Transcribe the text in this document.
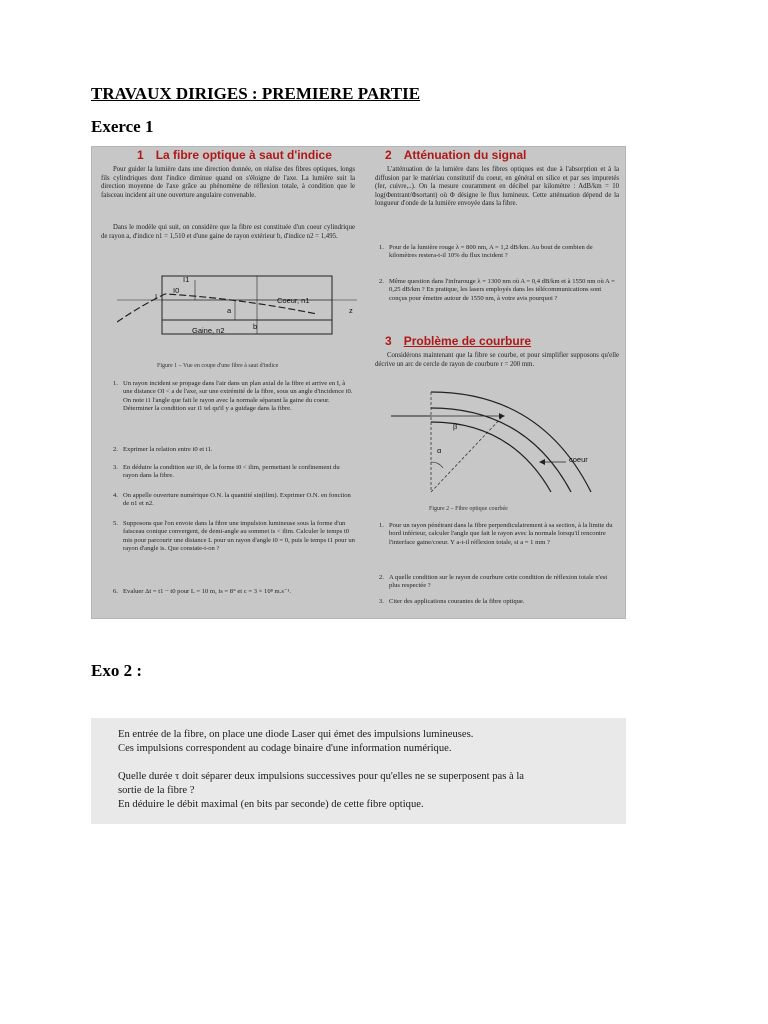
TRAVAUX DIRIGES : PREMIERE PARTIE
Exerce 1
1 La fibre optique à saut d'indice
Pour guider la lumière dans une direction donnée, on réalise des fibres optiques, longs fils cylindriques dont l'indice diminue quand on s'éloigne de l'axe. La lumière suit la direction moyenne de l'axe grâce au phénomène de réflexion totale, à condition que le faisceau incident ait une ouverture angulaire convenable.
Dans le modèle qui suit, on considère que la fibre est constituée d'un coeur cylindrique de rayon a, d'indice n1 = 1,510 et d'une gaine de rayon extérieur b, d'indice n2 = 1,495.
I1
I0
I
a
b
Coeur, n1
Gaine, n2
z
Figure 1 – Vue en coupe d'une fibre à saut d'indice
1. Un rayon incident se propage dans l'air dans un plan axial de la fibre et arrive en I, à une distance OI < a de l'axe, sur une extrémité de la fibre, sous un angle d'incidence i0. On note i1 l'angle que fait le rayon avec la normale séparant la gaine du coeur. Déterminer la condition sur i1 tel qu'il y a guidage dans la fibre.
2. Exprimer la relation entre i0 et i1.
3. En déduire la condition sur i0, de la forme i0 < ilim, permettant le confinement du rayon dans la fibre.
4. On appelle ouverture numérique O.N. la quantité sin(ilim). Exprimer O.N. en fonction de n1 et n2.
5. Supposons que l'on envoie dans la fibre une impulsion lumineuse sous la forme d'un faisceau conique convergent, de demi-angle au sommet is < ilim. Calculer le temps t0 mis pour parcourir une distance L pour un rayon d'angle i0 = 0, puis le temps t1 pour un rayon d'angle is. Que constate-t-on ?
6. Evaluer Δt = t1 − t0 pour L = 10 m, is = 8° et c = 3 × 10⁸ m.s⁻¹.
2 Atténuation du signal
L'atténuation de la lumière dans les fibres optiques est due à l'absorption et à la diffusion par le matériau constitutif du coeur, en général en silice et par ses impuretés (fer, cuivre,..). On la mesure couramment en décibel par kilomètre : AdB/km = 10 log(Φentrant/Φsortant) où Φ désigne le flux lumineux. Cette atténuation dépend de la longueur d'onde de la lumière envoyée dans la fibre.
1. Pour de la lumière rouge λ = 800 nm, A = 1,2 dB/km. Au bout de combien de kilomètres restera-t-il 10% du flux incident ?
2. Même question dans l'infrarouge λ = 1300 nm où A = 0,4 dB/km et à 1550 nm où A = 0,25 dB/km ? En pratique, les lasers employés dans les télécommunications sont conçus pour émettre autour de 1550 nm, à votre avis pourquoi ?
3 Problème de courbure
Considérons maintenant que la fibre se courbe, et pour simplifier supposons qu'elle décrive un arc de cercle de rayon de courbure r = 200 mm.
β
α
coeur
Figure 2 – Fibre optique courbée
1. Pour un rayon pénétrant dans la fibre perpendiculairement à sa section, à la limite du bord inférieur, calculer l'angle que fait le rayon avec la normale lorsqu'il rencontre l'interface gaine/coeur. Y a-t-il réflexion totale, si a = 1 mm ?
2. A quelle condition sur le rayon de courbure cette condition de réflexion totale n'est plus respectée ?
3. Citer des applications courantes de la fibre optique.
Exo 2 :
En entrée de la fibre, on place une diode Laser qui émet des impulsions lumineuses.
Ces impulsions correspondent au codage binaire d'une information numérique.
Quelle durée τ doit séparer deux impulsions successives pour qu'elles ne se superposent pas à la
sortie de la fibre ?
En déduire le débit maximal (en bits par seconde) de cette fibre optique.
